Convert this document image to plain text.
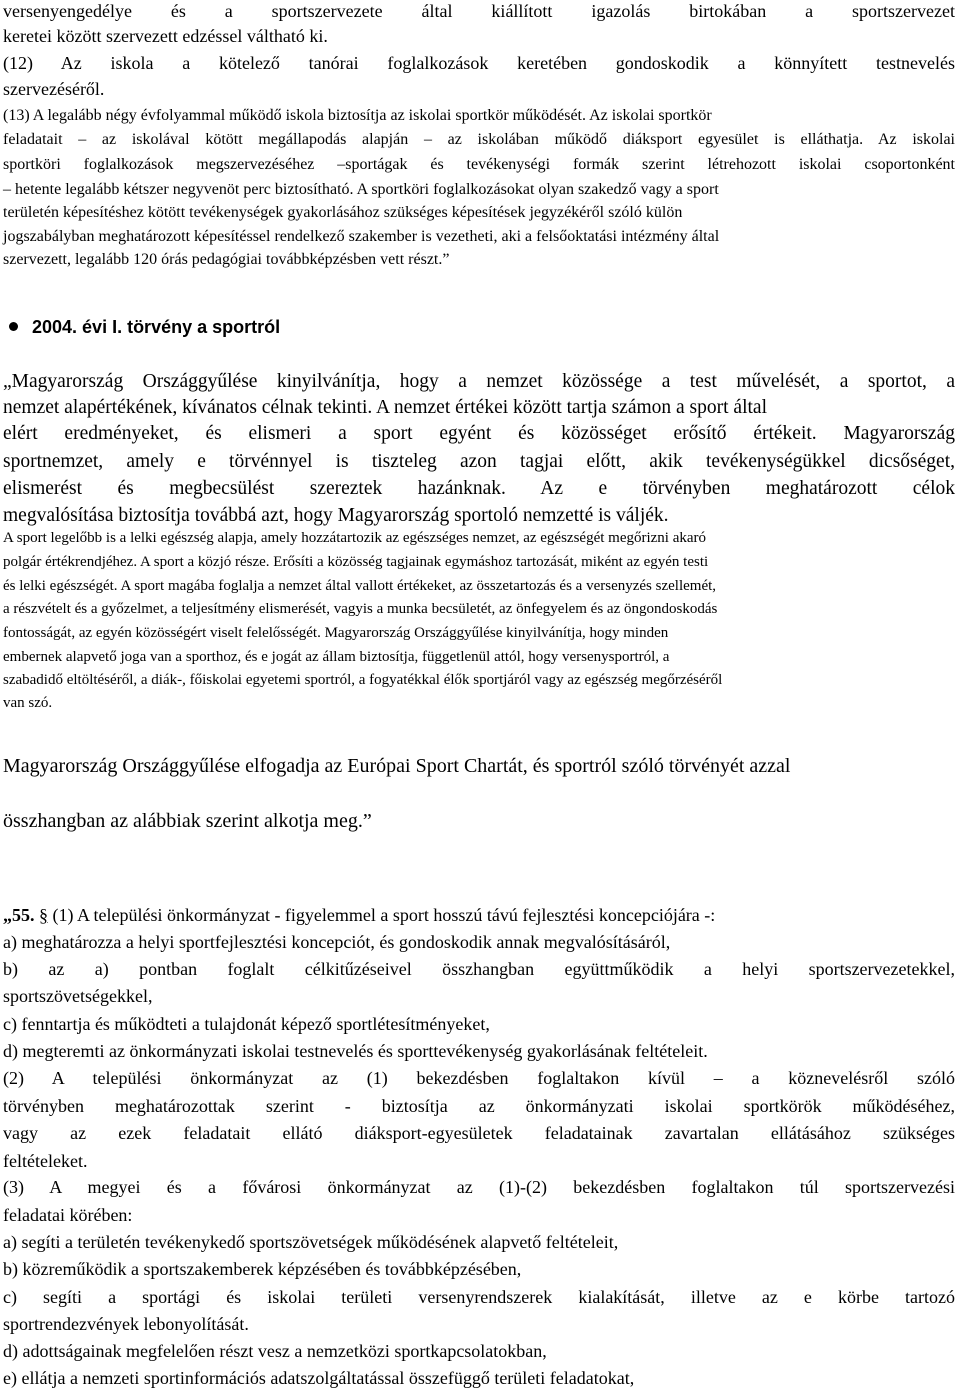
versenyengedélye és a sportszervezete által kiállított igazolás birtokában a sportszervezet

keretei között szervezett edzéssel váltható ki.

(12) Az iskola a kötelező tanórai foglalkozások keretében gondoskodik a könnyített testnevelés

szervezéséről.

(13) A legalább négy évfolyammal működő iskola biztosítja az iskolai sportkör működését. Az iskolai sportkör

feladatait – az iskolával kötött megállapodás alapján – az iskolában működő diáksport egyesület is elláthatja. Az iskolai

sportköri foglalkozások megszervezéséhez –sportágak és tevékenységi formák szerint létrehozott iskolai csoportonként

– hetente legalább kétszer negyvenöt perc biztosítható. A sportköri foglalkozásokat olyan szakedző vagy a sport

területén képesítéshez kötött tevékenységek gyakorlásához szükséges képesítések jegyzékéről szóló külön

jogszabályban meghatározott képesítéssel rendelkező szakember is vezetheti, aki a felsőoktatási intézmény által

szervezett, legalább 120 órás pedagógiai továbbképzésben vett részt.”

2004. évi I. törvény a sportról

„Magyarország Országgyűlése kinyilvánítja, hogy a nemzet közössége a test művelését, a sportot, a

nemzet alapértékének, kívánatos célnak tekinti. A nemzet értékei között tartja számon a sport által

elért eredményeket, és elismeri a sport egyént és közösséget erősítő értékeit. Magyarország

sportnemzet, amely e törvénnyel is tiszteleg azon tagjai előtt, akik tevékenységükkel dicsőséget,

elismerést és megbecsülést szereztek hazánknak. Az e törvényben meghatározott célok

megvalósítása biztosítja továbbá azt, hogy Magyarország sportoló nemzetté is váljék.

A sport legelőbb is a lelki egészség alapja, amely hozzátartozik az egészséges nemzet, az egészségét megőrizni akaró

polgár értékrendjéhez. A sport a közjó része. Erősíti a közösség tagjainak egymáshoz tartozását, miként az egyén testi

és lelki egészségét. A sport magába foglalja a nemzet által vallott értékeket, az összetartozás és a versenyzés szellemét,

a részvételt és a győzelmet, a teljesítmény elismerését, vagyis a munka becsületét, az önfegyelem és az öngondoskodás

fontosságát, az egyén közösségért viselt felelősségét. Magyarország Országgyűlése kinyilvánítja, hogy minden

embernek alapvető joga van a sporthoz, és e jogát az állam biztosítja, függetlenül attól, hogy versenysportról, a

szabadidő eltöltéséről, a diák-, főiskolai egyetemi sportról, a fogyatékkal élők sportjáról vagy az egészség megőrzéséről

van szó.

Magyarország Országgyűlése elfogadja az Európai Sport Chartát, és sportról szóló törvényét azzal

összhangban az alábbiak szerint alkotja meg.”

„55. § (1) A települési önkormányzat - figyelemmel a sport hosszú távú fejlesztési koncepciójára -:

a) meghatározza a helyi sportfejlesztési koncepciót, és gondoskodik annak megvalósításáról,

b) az a) pontban foglalt célkitűzéseivel összhangban együttműködik a helyi sportszervezetekkel,

sportszövetségekkel,

c) fenntartja és működteti a tulajdonát képező sportlétesítményeket,

d) megteremti az önkormányzati iskolai testnevelés és sporttevékenység gyakorlásának feltételeit.

(2) A települési önkormányzat az (1) bekezdésben foglaltakon kívül – a köznevelésről szóló

törvényben meghatározottak szerint - biztosítja az önkormányzati iskolai sportkörök működéséhez,

vagy az ezek feladatait ellátó diáksport-egyesületek feladatainak zavartalan ellátásához szükséges

feltételeket.

(3) A megyei és a fővárosi önkormányzat az (1)-(2) bekezdésben foglaltakon túl sportszervezési

feladatai körében:

a) segíti a területén tevékenykedő sportszövetségek működésének alapvető feltételeit,

b) közreműködik a sportszakemberek képzésében és továbbképzésében,

c) segíti a sportági és iskolai területi versenyrendszerek kialakítását, illetve az e körbe tartozó

sportrendezvények lebonyolítását.

d) adottságainak megfelelően részt vesz a nemzetközi sportkapcsolatokban,

e) ellátja a nemzeti sportinformációs adatszolgáltatással összefüggő területi feladatokat,
